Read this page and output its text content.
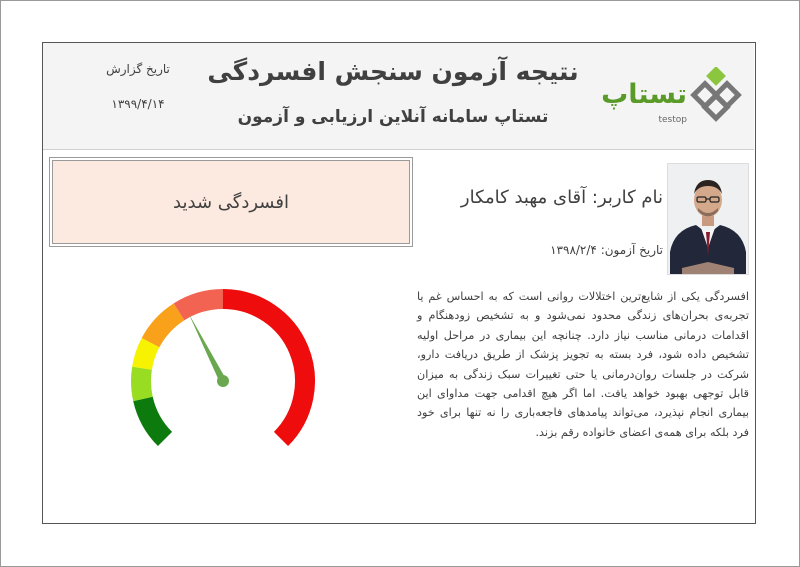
نتیجه آزمون سنجش افسردگی
تستاپ سامانه آنلاین ارزیابی و آزمون
تاریخ گزارش
۱۳۹۹/۴/۱۴	تستاپ
testop
افسردگی شدید	نام کاربر: آقای مهبد کامکار
تاریخ آزمون: ۱۳۹۸/۲/۴
افسردگی یکی از شایع‌ترین اختلالات روانی است که به احساس غم یا تجربه‌ی بحران‌های زندگی محدود نمی‌شود و به تشخیص زودهنگام و اقدامات درمانی مناسب نیاز دارد. چنانچه این بیماری در مراحل اولیه تشخیص داده شود، فرد بسته به تجویز پزشک از طریق دریافت دارو، شرکت در جلسات روان‌درمانی یا حتی تغییرات سبک زندگی به میزان قابل توجهی بهبود خواهد یافت. اما اگر هیچ اقدامی جهت مداوای این بیماری انجام نپذیرد، می‌تواند پیامدهای فاجعه‌باری را نه تنها برای خود فرد بلکه برای همه‌ی اعضای خانواده رقم بزند.
